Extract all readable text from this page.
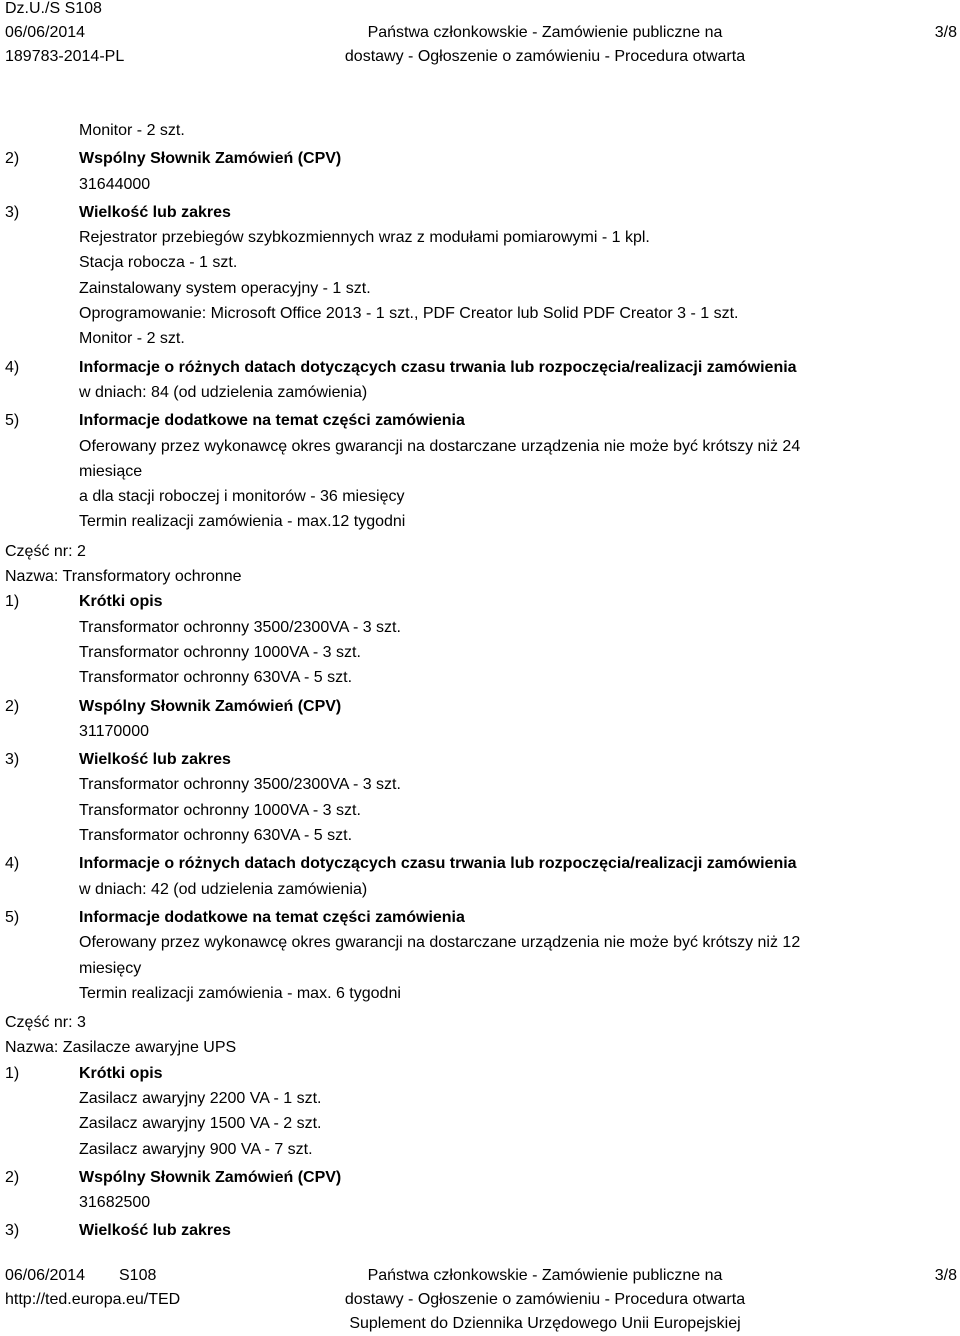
Dz.U./S S108
06/06/2014
189783-2014-PL
Państwa członkowskie - Zamówienie publiczne na
dostawy - Ogłoszenie o zamówieniu - Procedura otwarta
3/8
Monitor - 2 szt.
2)	Wspólny Słownik Zamówień (CPV)
31644000
3)	Wielkość lub zakres
Rejestrator przebiegów szybkozmiennych wraz z modułami pomiarowymi - 1 kpl.
Stacja robocza - 1 szt.
Zainstalowany system operacyjny - 1 szt.
Oprogramowanie: Microsoft Office 2013 - 1 szt., PDF Creator lub Solid PDF Creator 3 - 1 szt.
Monitor - 2 szt.
4)	Informacje o różnych datach dotyczących czasu trwania lub rozpoczęcia/realizacji zamówienia
w dniach: 84 (od udzielenia zamówienia)
5)	Informacje dodatkowe na temat części zamówienia
Oferowany przez wykonawcę okres gwarancji na dostarczane urządzenia nie może być krótszy niż 24
miesiące
a dla stacji roboczej i monitorów - 36 miesięcy
Termin realizacji zamówienia - max.12 tygodni
Część nr: 2
Nazwa: Transformatory ochronne
1)	Krótki opis
Transformator ochronny 3500/2300VA - 3 szt.
Transformator ochronny 1000VA - 3 szt.
Transformator ochronny 630VA - 5 szt.
2)	Wspólny Słownik Zamówień (CPV)
31170000
3)	Wielkość lub zakres
Transformator ochronny 3500/2300VA - 3 szt.
Transformator ochronny 1000VA - 3 szt.
Transformator ochronny 630VA - 5 szt.
4)	Informacje o różnych datach dotyczących czasu trwania lub rozpoczęcia/realizacji zamówienia
w dniach: 42 (od udzielenia zamówienia)
5)	Informacje dodatkowe na temat części zamówienia
Oferowany przez wykonawcę okres gwarancji na dostarczane urządzenia nie może być krótszy niż 12
miesięcy
Termin realizacji zamówienia - max. 6 tygodni
Część nr: 3
Nazwa: Zasilacze awaryjne UPS
1)	Krótki opis
Zasilacz awaryjny 2200 VA - 1 szt.
Zasilacz awaryjny 1500 VA - 2 szt.
Zasilacz awaryjny 900 VA - 7 szt.
2)	Wspólny Słownik Zamówień (CPV)
31682500
3)	Wielkość lub zakres
06/06/2014 S108
http://ted.europa.eu/TED
Państwa członkowskie - Zamówienie publiczne na
dostawy - Ogłoszenie o zamówieniu - Procedura otwarta
Suplement do Dziennika Urzędowego Unii Europejskiej
3/8
